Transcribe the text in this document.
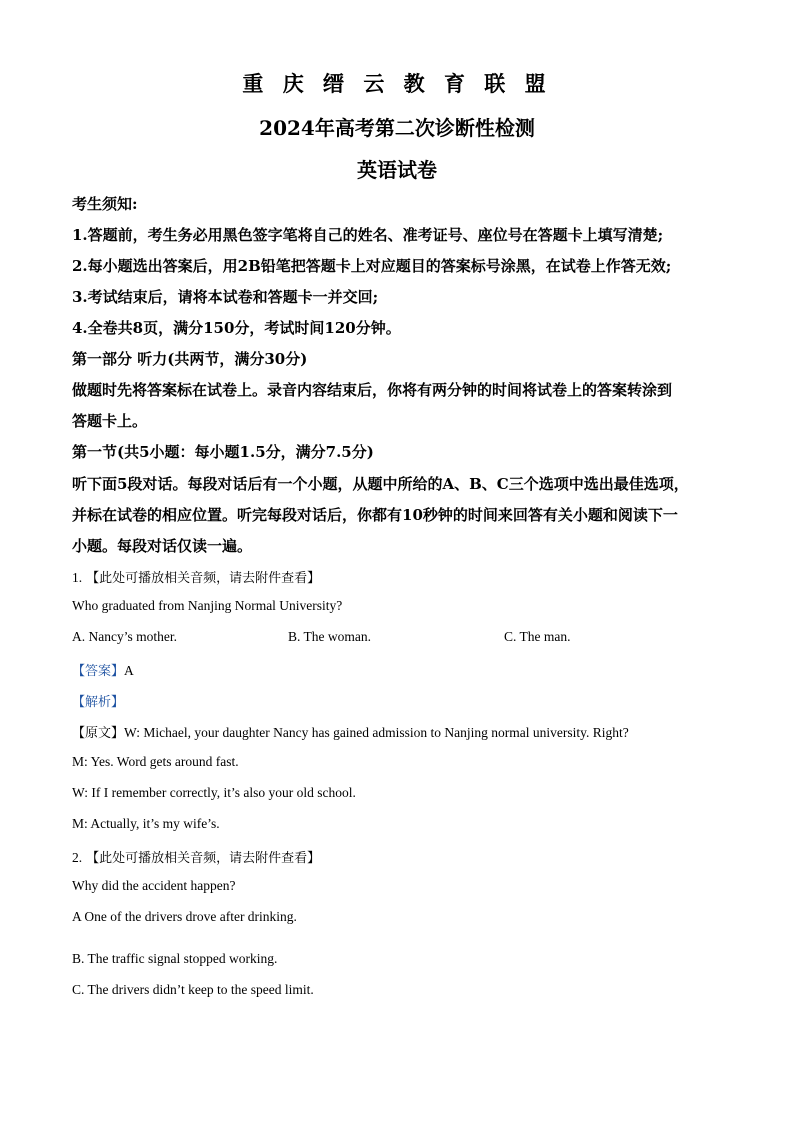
重 庆 缙 云 教 育 联 盟
2024年高考第二次诊断性检测
英语试卷
考生须知:
1.答题前，考生务必用黑色签字笔将自己的姓名、准考证号、座位号在答题卡上填写清楚;
2.每小题选出答案后，用2B铅笔把答题卡上对应题目的答案标号涂黑，在试卷上作答无效;
3.考试结束后，请将本试卷和答题卡一并交回;
4.全卷共8页，满分150分，考试时间120分钟。
第一部分 听力(共两节，满分30分)
做题时先将答案标在试卷上。录音内容结束后，你将有两分钟的时间将试卷上的答案转涂到
答题卡上。
第一节(共5小题：每小题1.5分，满分7.5分)
听下面5段对话。每段对话后有一个小题，从题中所给的A、B、C三个选项中选出最佳选项，
并标在试卷的相应位置。听完每段对话后，你都有10秒钟的时间来回答有关小题和阅读下一
小题。每段对话仅读一遍。
1. 【此处可播放相关音频，请去附件查看】
Who graduated from Nanjing Normal University?
A. Nancy’s mother.	B. The woman.	C. The man.
【答案】A
【解析】
【原文】W: Michael, your daughter Nancy has gained admission to Nanjing normal university. Right?
M: Yes. Word gets around fast.
W: If I remember correctly, it’s also your old school.
M: Actually, it’s my wife’s.
2. 【此处可播放相关音频，请去附件查看】
Why did the accident happen?
A One of the drivers drove after drinking.
B. The traffic signal stopped working.
C. The drivers didn’t keep to the speed limit.
